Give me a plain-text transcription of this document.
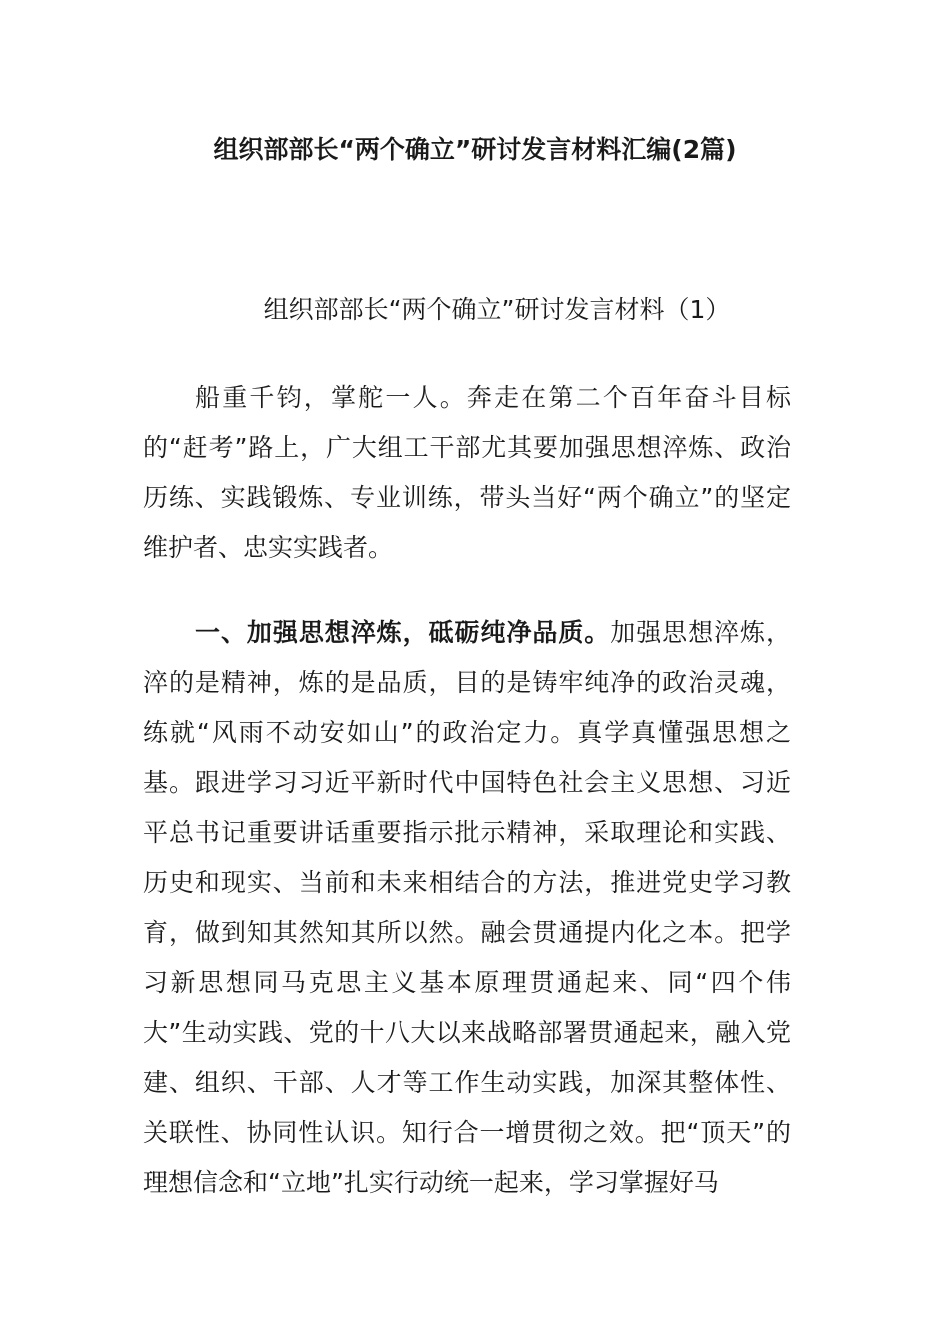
组织部部长“两个确立”研讨发言材料汇编(2篇)
组织部部长“两个确立”研讨发言材料（1）

船重千钧，掌舵一人。奔走在第二个百年奋斗目标的“赶考”路上，广大组工干部尤其要加强思想淬炼、政治历练、实践锻炼、专业训练，带头当好“两个确立”的坚定维护者、忠实实践者。

一、加强思想淬炼，砥砺纯净品质。加强思想淬炼，淬的是精神，炼的是品质，目的是铸牢纯净的政治灵魂，练就“风雨不动安如山”的政治定力。真学真懂强思想之基。跟进学习习近平新时代中国特色社会主义思想、习近平总书记重要讲话重要指示批示精神，采取理论和实践、历史和现实、当前和未来相结合的方法，推进党史学习教育，做到知其然知其所以然。融会贯通提内化之本。把学习新思想同马克思主义基本原理贯通起来、同“四个伟大”生动实践、党的十八大以来战略部署贯通起来，融入党建、组织、干部、人才等工作生动实践，加深其整体性、关联性、协同性认识。知行合一增贯彻之效。把“顶天”的理想信念和“立地”扎实行动统一起来，学习掌握好马
